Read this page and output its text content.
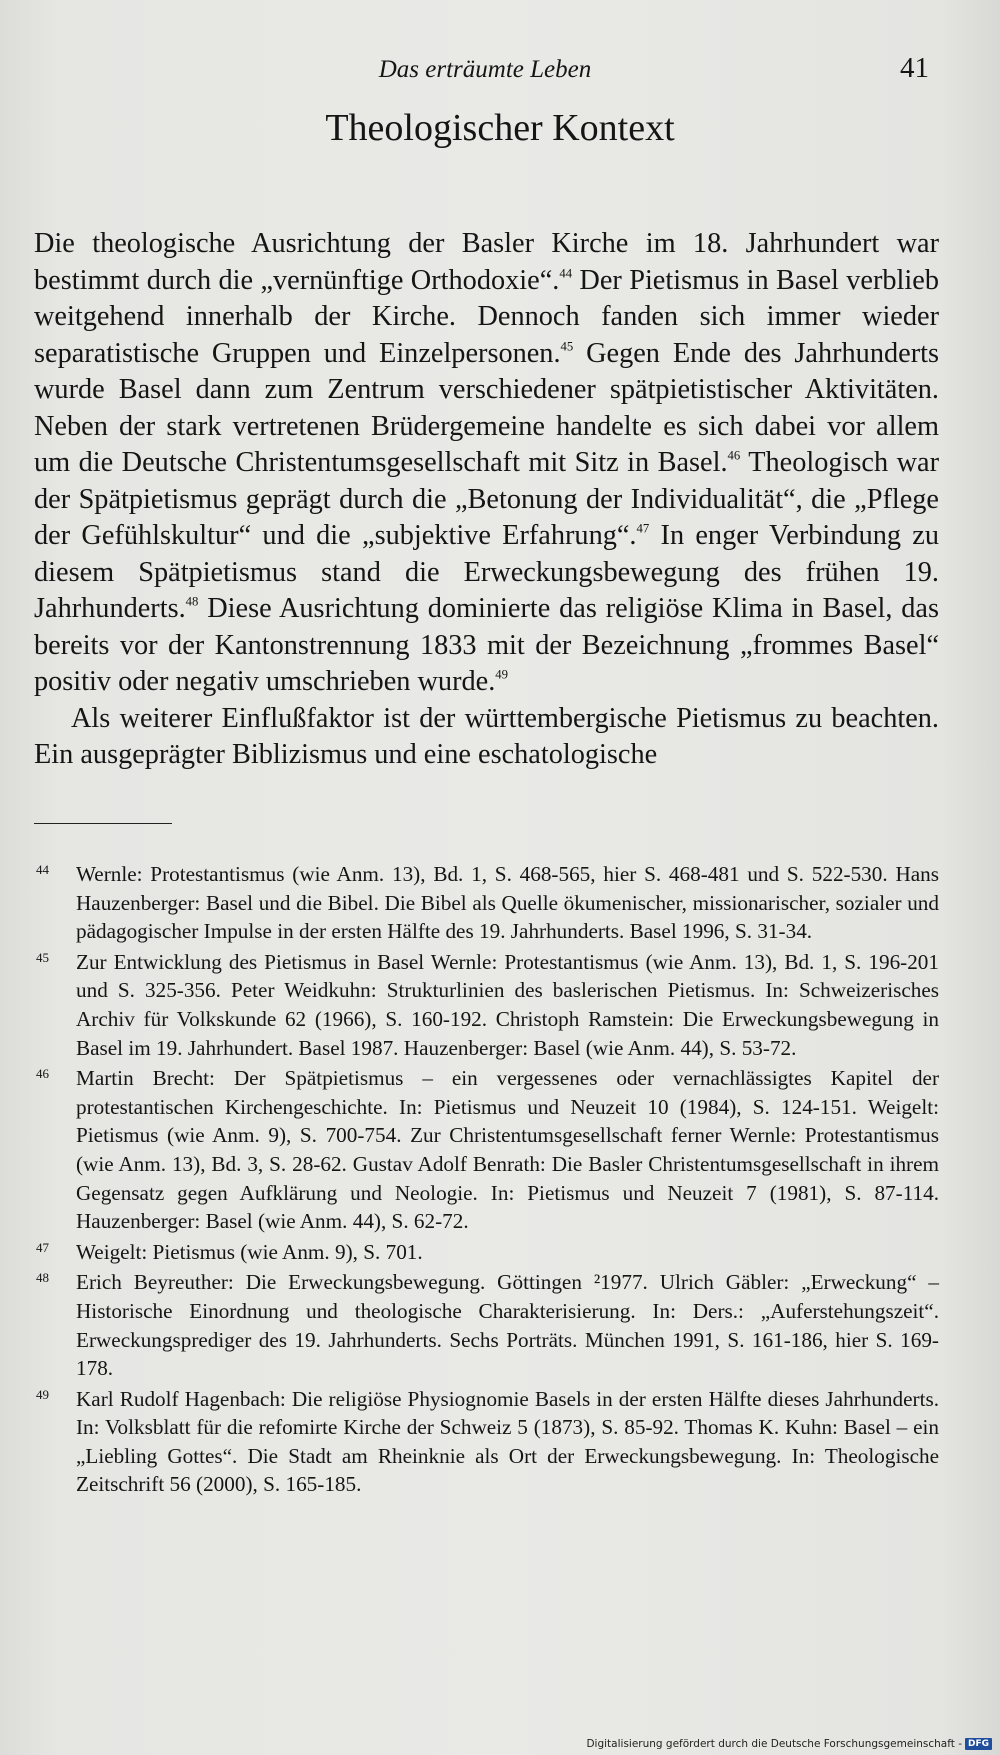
Das erträumte Leben	41
Theologischer Kontext

Die theologische Ausrichtung der Basler Kirche im 18. Jahrhundert war bestimmt durch die „vernünftige Orthodoxie“.$^{44}$ Der Pietismus in Basel verblieb weitgehend innerhalb der Kirche. Dennoch fanden sich immer wieder separatistische Gruppen und Einzelpersonen.$^{45}$ Gegen Ende des Jahrhunderts wurde Basel dann zum Zentrum verschiedener spätpietistischer Aktivitäten. Neben der stark vertretenen Brüdergemeine handelte es sich dabei vor allem um die Deutsche Christentumsgesellschaft mit Sitz in Basel.$^{46}$ Theologisch war der Spätpietismus geprägt durch die „Betonung der Individualität“, die „Pflege der Gefühlskultur“ und die „subjektive Erfahrung“.$^{47}$ In enger Verbindung zu diesem Spätpietismus stand die Erweckungsbewegung des frühen 19. Jahrhunderts.$^{48}$ Diese Ausrichtung dominierte das religiöse Klima in Basel, das bereits vor der Kantonstrennung 1833 mit der Bezeichnung „frommes Basel“ positiv oder negativ umschrieben wurde.$^{49}$

Als weiterer Einflußfaktor ist der württembergische Pietismus zu beachten. Ein ausgeprägter Biblizismus und eine eschatologische

44 Wernle: Protestantismus (wie Anm. 13), Bd. 1, S. 468-565, hier S. 468-481 und S. 522-530. Hans Hauzenberger: Basel und die Bibel. Die Bibel als Quelle ökumenischer, missionarischer, sozialer und pädagogischer Impulse in der ersten Hälfte des 19. Jahrhunderts. Basel 1996, S. 31-34.
45 Zur Entwicklung des Pietismus in Basel Wernle: Protestantismus (wie Anm. 13), Bd. 1, S. 196-201 und S. 325-356. Peter Weidkuhn: Strukturlinien des baslerischen Pietismus. In: Schweizerisches Archiv für Volkskunde 62 (1966), S. 160-192. Christoph Ramstein: Die Erweckungsbewegung in Basel im 19. Jahrhundert. Basel 1987. Hauzenberger: Basel (wie Anm. 44), S. 53-72.
46 Martin Brecht: Der Spätpietismus – ein vergessenes oder vernachlässigtes Kapitel der protestantischen Kirchengeschichte. In: Pietismus und Neuzeit 10 (1984), S. 124-151. Weigelt: Pietismus (wie Anm. 9), S. 700-754. Zur Christentumsgesellschaft ferner Wernle: Protestantismus (wie Anm. 13), Bd. 3, S. 28-62. Gustav Adolf Benrath: Die Basler Christentumsgesellschaft in ihrem Gegensatz gegen Aufklärung und Neologie. In: Pietismus und Neuzeit 7 (1981), S. 87-114. Hauzenberger: Basel (wie Anm. 44), S. 62-72.
47 Weigelt: Pietismus (wie Anm. 9), S. 701.
48 Erich Beyreuther: Die Erweckungsbewegung. Göttingen ²1977. Ulrich Gäbler: „Erweckung“ – Historische Einordnung und theologische Charakterisierung. In: Ders.: „Auferstehungszeit“. Erweckungsprediger des 19. Jahrhunderts. Sechs Porträts. München 1991, S. 161-186, hier S. 169-178.
49 Karl Rudolf Hagenbach: Die religiöse Physiognomie Basels in der ersten Hälfte dieses Jahrhunderts. In: Volksblatt für die refomirte Kirche der Schweiz 5 (1873), S. 85-92. Thomas K. Kuhn: Basel – ein „Liebling Gottes“. Die Stadt am Rheinknie als Ort der Erweckungsbewegung. In: Theologische Zeitschrift 56 (2000), S. 165-185.
Digitalisierung gefördert durch die Deutsche Forschungsgemeinschaft - DFG
